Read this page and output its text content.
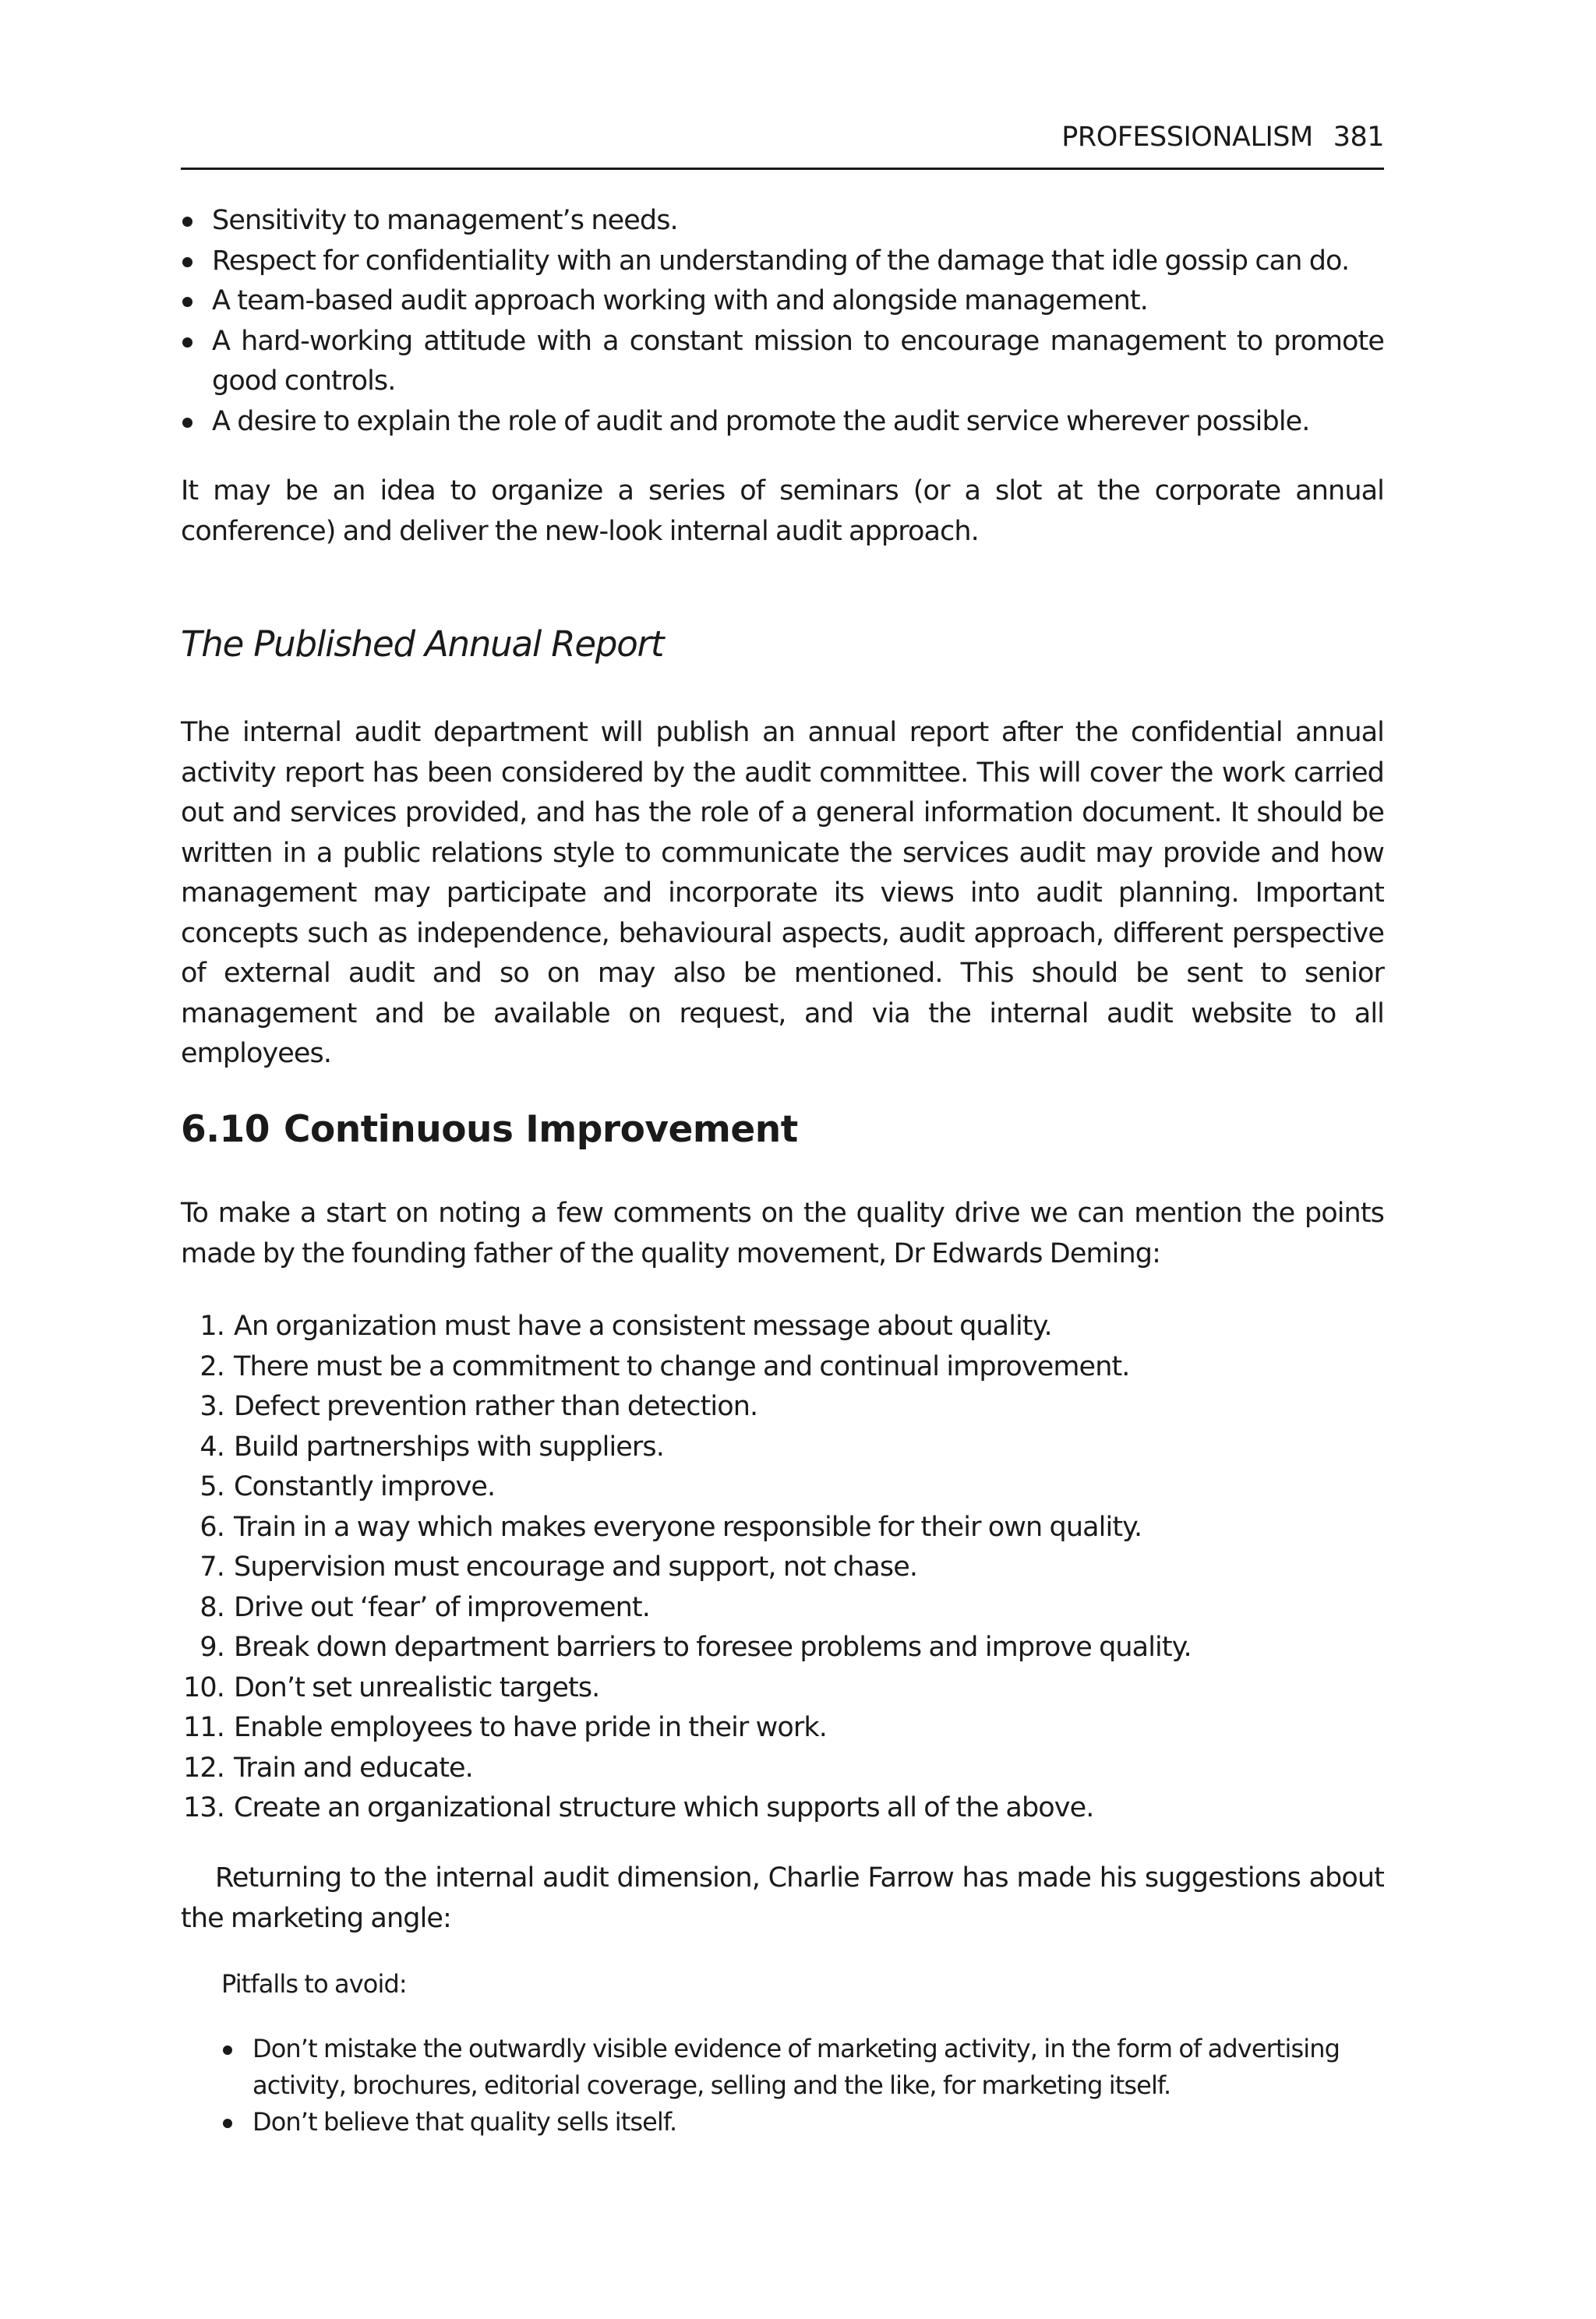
PROFESSIONALISM 381
Sensitivity to management’s needs.
Respect for confidentiality with an understanding of the damage that idle gossip can do.
A team-based audit approach working with and alongside management.
A hard-working attitude with a constant mission to encourage management to promote good controls.
A desire to explain the role of audit and promote the audit service wherever possible.

It may be an idea to organize a series of seminars (or a slot at the corporate annual conference) and deliver the new-look internal audit approach.

The Published Annual Report

The internal audit department will publish an annual report after the confidential annual activity report has been considered by the audit committee. This will cover the work carried out and services provided, and has the role of a general information document. It should be written in a public relations style to communicate the services audit may provide and how management may participate and incorporate its views into audit planning. Important concepts such as independence, behavioural aspects, audit approach, different perspective of external audit and so on may also be mentioned. This should be sent to senior management and be available on request, and via the internal audit website to all employees.

6.10 Continuous Improvement

To make a start on noting a few comments on the quality drive we can mention the points made by the founding father of the quality movement, Dr Edwards Deming:

1. An organization must have a consistent message about quality.
2. There must be a commitment to change and continual improvement.
3. Defect prevention rather than detection.
4. Build partnerships with suppliers.
5. Constantly improve.
6. Train in a way which makes everyone responsible for their own quality.
7. Supervision must encourage and support, not chase.
8. Drive out ‘fear’ of improvement.
9. Break down department barriers to foresee problems and improve quality.
10. Don’t set unrealistic targets.
11. Enable employees to have pride in their work.
12. Train and educate.
13. Create an organizational structure which supports all of the above.

Returning to the internal audit dimension, Charlie Farrow has made his suggestions about the marketing angle:

Pitfalls to avoid:

Don’t mistake the outwardly visible evidence of marketing activity, in the form of advertising activity, brochures, editorial coverage, selling and the like, for marketing itself.
Don’t believe that quality sells itself.
